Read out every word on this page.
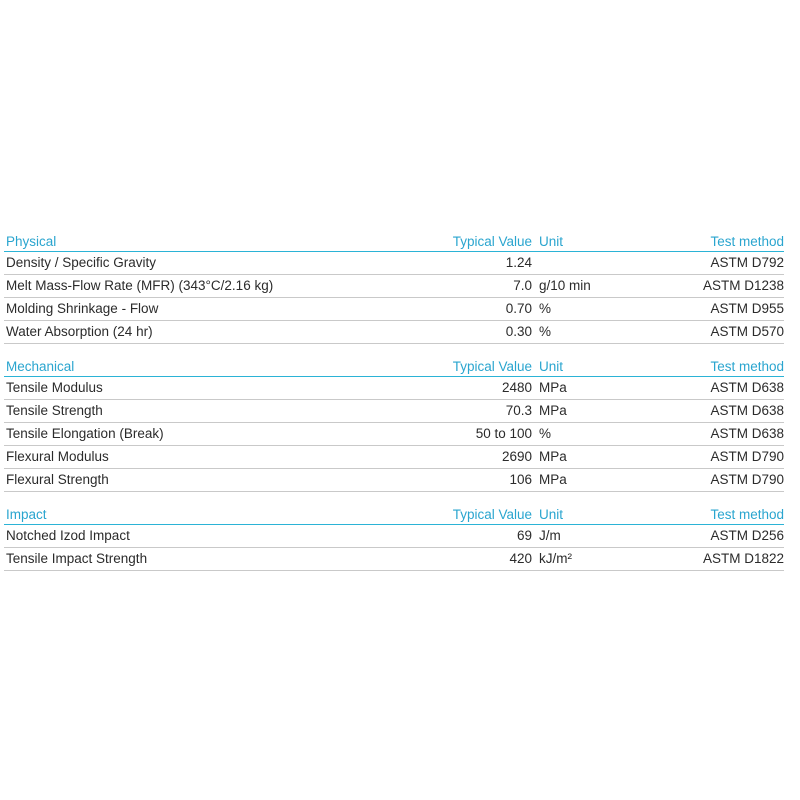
Physical	Typical Value Unit	Test method
Density / Specific Gravity	1.24	ASTM D792
Melt Mass-Flow Rate (MFR) (343°C/2.16 kg)	7.0 g/10 min	ASTM D1238
Molding Shrinkage - Flow	0.70 %	ASTM D955
Water Absorption (24 hr)	0.30 %	ASTM D570
Mechanical	Typical Value Unit	Test method
Tensile Modulus	2480 MPa	ASTM D638
Tensile Strength	70.3 MPa	ASTM D638
Tensile Elongation (Break)	50 to 100 %	ASTM D638
Flexural Modulus	2690 MPa	ASTM D790
Flexural Strength	106 MPa	ASTM D790
Impact	Typical Value Unit	Test method
Notched Izod Impact	69 J/m	ASTM D256
Tensile Impact Strength	420 kJ/m²	ASTM D1822
